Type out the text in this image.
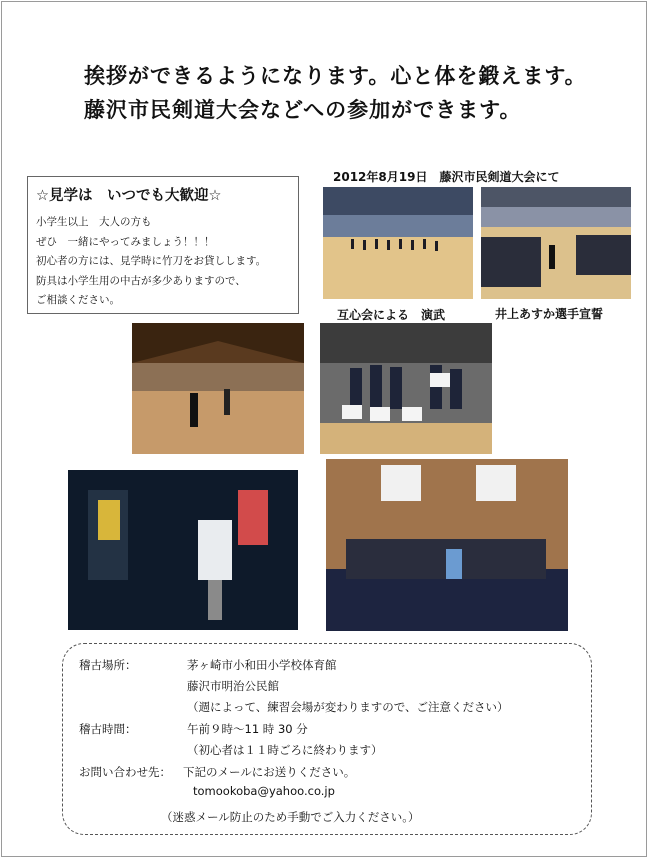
挨拶ができるようになります。心と体を鍛えます。
藤沢市民剣道大会などへの参加ができます。
☆見学は　いつでも大歓迎☆
小学生以上　大人の方も
ぜひ　一緒にやってみましょう！！！
初心者の方には、見学時に竹刀をお貸しします。
防具は小学生用の中古が多少ありますので、
ご相談ください。
2012年8月19日　藤沢市民剣道大会にて
互心会による　演武	井上あすか選手宣誓
稽古場所：	茅ヶ崎市小和田小学校体育館
藤沢市明治公民館
（週によって、練習会場が変わりますので、ご注意ください）
稽古時間：	午前９時～11 時 30 分
（初心者は１１時ごろに終わります）
お問い合わせ先： 下記のメールにお送りください。
tomookoba@yahoo.co.jp
（迷惑メール防止のため手動でご入力ください。）
